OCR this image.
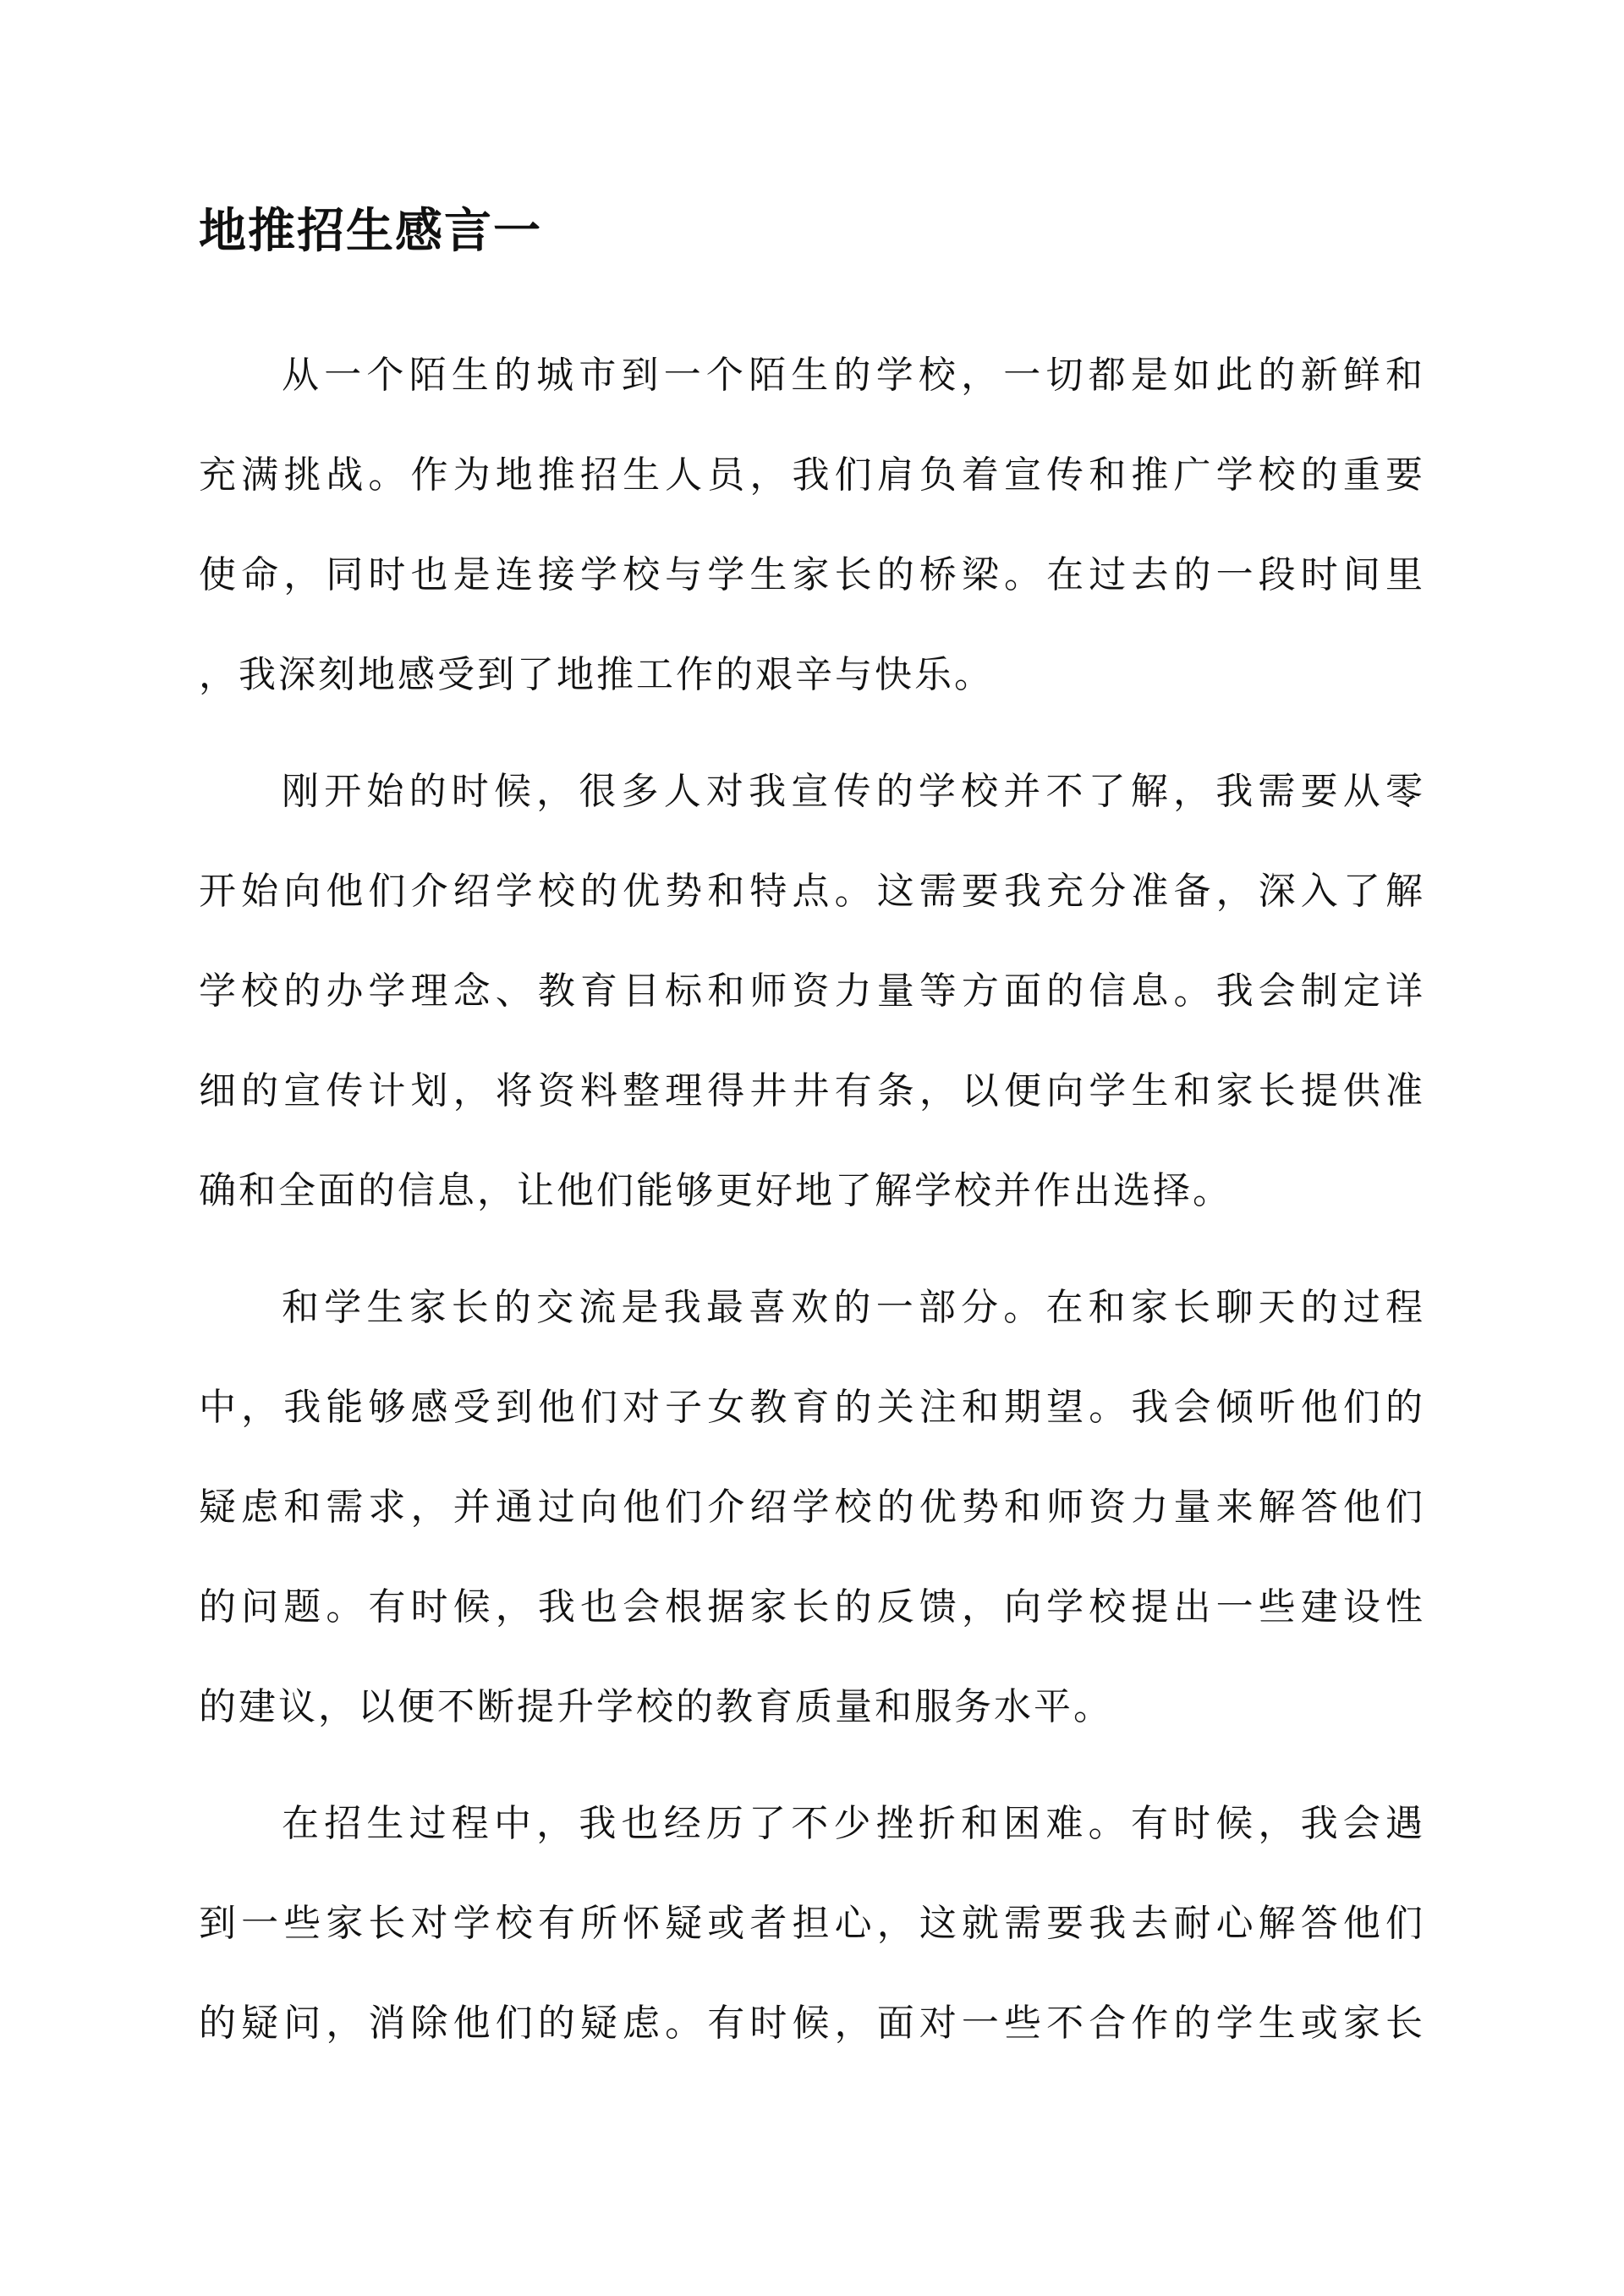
地推招生感言一
从一个陌生的城市到一个陌生的学校，一切都是如此的新鲜和
充满挑战。作为地推招生人员，我们肩负着宣传和推广学校的重要
使命，同时也是连接学校与学生家长的桥梁。在过去的一段时间里
，我深刻地感受到了地推工作的艰辛与快乐。
刚开始的时候，很多人对我宣传的学校并不了解，我需要从零
开始向他们介绍学校的优势和特点。这需要我充分准备，深入了解
学校的办学理念、教育目标和师资力量等方面的信息。我会制定详
细的宣传计划，将资料整理得井井有条，以便向学生和家长提供准
确和全面的信息，让他们能够更好地了解学校并作出选择。
和学生家长的交流是我最喜欢的一部分。在和家长聊天的过程
中，我能够感受到他们对子女教育的关注和期望。我会倾听他们的
疑虑和需求，并通过向他们介绍学校的优势和师资力量来解答他们
的问题。有时候，我也会根据家长的反馈，向学校提出一些建设性
的建议，以便不断提升学校的教育质量和服务水平。
在招生过程中，我也经历了不少挫折和困难。有时候，我会遇
到一些家长对学校有所怀疑或者担心，这就需要我去耐心解答他们
的疑问，消除他们的疑虑。有时候，面对一些不合作的学生或家长
